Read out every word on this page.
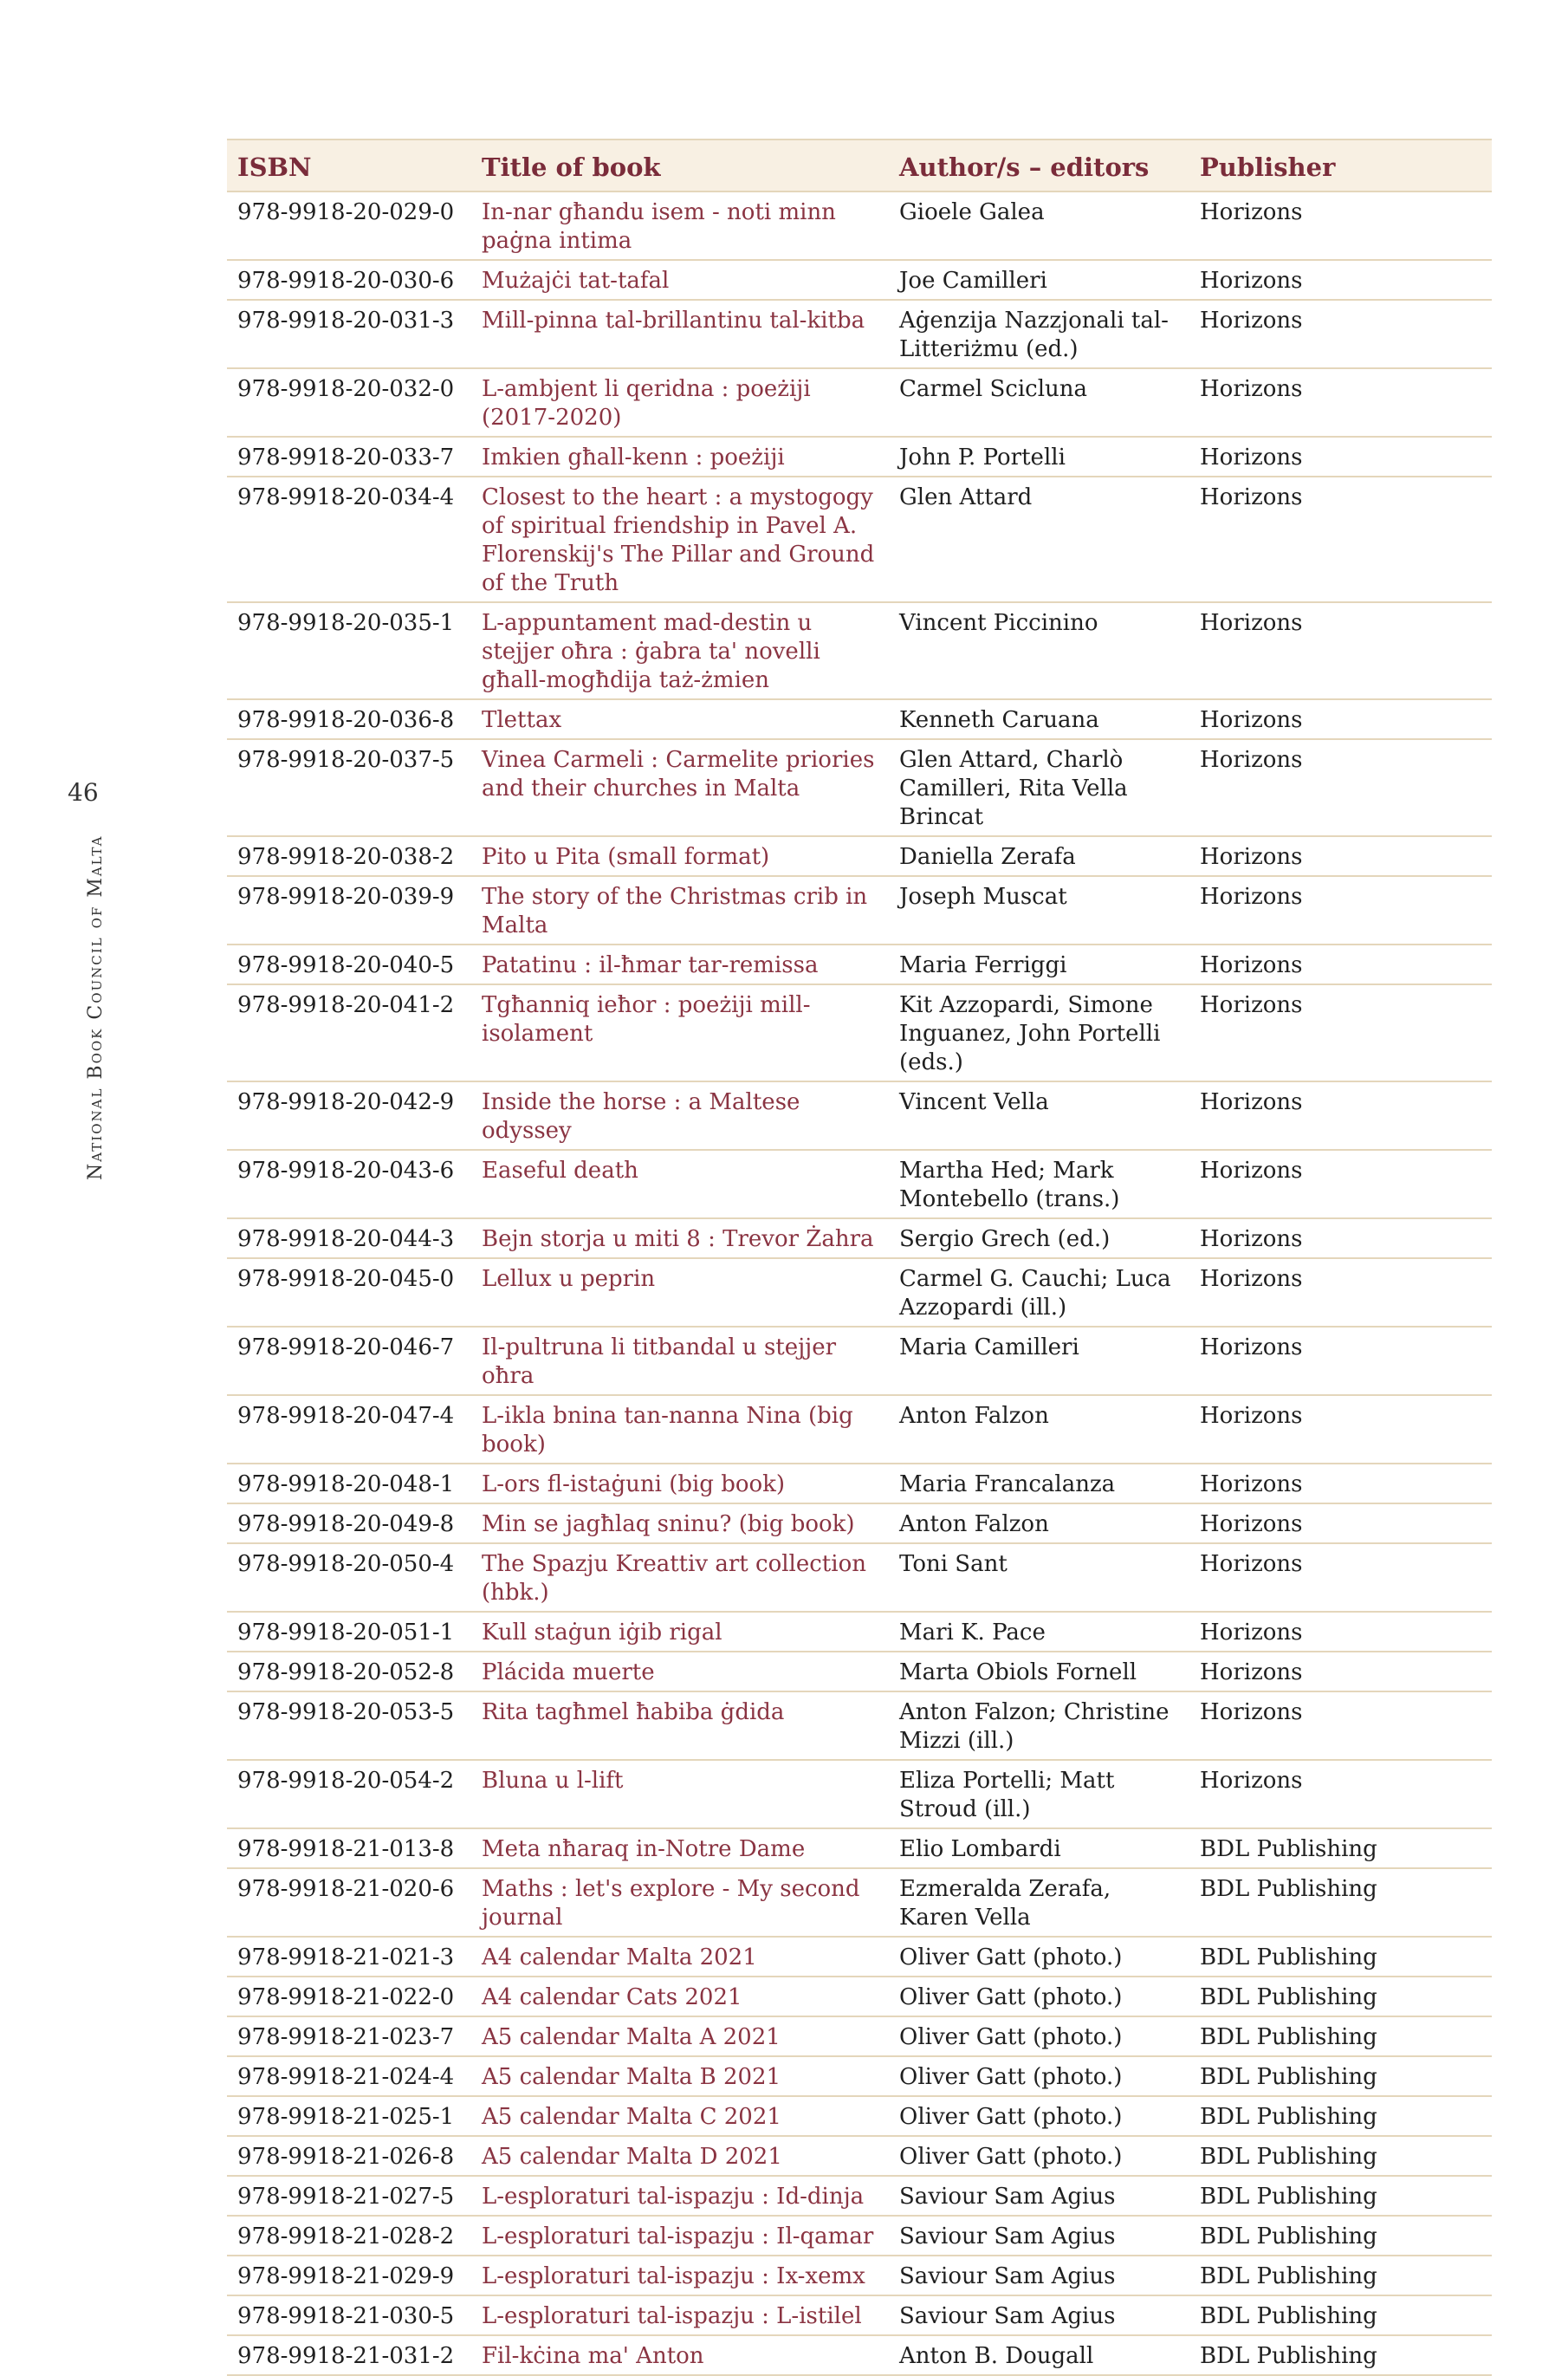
46
National Book Council of Malta
ISBN	Title of book	Author/s – editors	Publisher
978-9918-20-029-0	In-nar għandu isem - noti minn paġna intima	Gioele Galea	Horizons
978-9918-20-030-6	Mużajċi tat-tafal	Joe Camilleri	Horizons
978-9918-20-031-3	Mill-pinna tal-brillantinu tal-kitba	Aġenzija Nazzjonali tal-Litteriżmu (ed.)	Horizons
978-9918-20-032-0	L-ambjent li qeridna : poeżiji (2017-2020)	Carmel Scicluna	Horizons
978-9918-20-033-7	Imkien għall-kenn : poeżiji	John P. Portelli	Horizons
978-9918-20-034-4	Closest to the heart : a mystogogy of spiritual friendship in Pavel A. Florenskij's The Pillar and Ground of the Truth	Glen Attard	Horizons
978-9918-20-035-1	L-appuntament mad-destin u stejjer oħra : ġabra ta' novelli għall-mogħdija taż-żmien	Vincent Piccinino	Horizons
978-9918-20-036-8	Tlettax	Kenneth Caruana	Horizons
978-9918-20-037-5	Vinea Carmeli : Carmelite priories and their churches in Malta	Glen Attard, Charlò Camilleri, Rita Vella Brincat	Horizons
978-9918-20-038-2	Pito u Pita (small format)	Daniella Zerafa	Horizons
978-9918-20-039-9	The story of the Christmas crib in Malta	Joseph Muscat	Horizons
978-9918-20-040-5	Patatinu : il-ħmar tar-remissa	Maria Ferriggi	Horizons
978-9918-20-041-2	Tgħanniq ieħor : poeżiji mill-isolament	Kit Azzopardi, Simone Inguanez, John Portelli (eds.)	Horizons
978-9918-20-042-9	Inside the horse : a Maltese odyssey	Vincent Vella	Horizons
978-9918-20-043-6	Easeful death	Martha Hed; Mark Montebello (trans.)	Horizons
978-9918-20-044-3	Bejn storja u miti 8 : Trevor Żahra	Sergio Grech (ed.)	Horizons
978-9918-20-045-0	Lellux u peprin	Carmel G. Cauchi; Luca Azzopardi (ill.)	Horizons
978-9918-20-046-7	Il-pultruna li titbandal u stejjer oħra	Maria Camilleri	Horizons
978-9918-20-047-4	L-ikla bnina tan-nanna Nina (big book)	Anton Falzon	Horizons
978-9918-20-048-1	L-ors fl-istaġuni (big book)	Maria Francalanza	Horizons
978-9918-20-049-8	Min se jagħlaq sninu? (big book)	Anton Falzon	Horizons
978-9918-20-050-4	The Spazju Kreattiv art collection (hbk.)	Toni Sant	Horizons
978-9918-20-051-1	Kull staġun iġib rigal	Mari K. Pace	Horizons
978-9918-20-052-8	Plácida muerte	Marta Obiols Fornell	Horizons
978-9918-20-053-5	Rita tagħmel ħabiba ġdida	Anton Falzon; Christine Mizzi (ill.)	Horizons
978-9918-20-054-2	Bluna u l-lift	Eliza Portelli; Matt Stroud (ill.)	Horizons
978-9918-21-013-8	Meta nħaraq in-Notre Dame	Elio Lombardi	BDL Publishing
978-9918-21-020-6	Maths : let's explore - My second journal	Ezmeralda Zerafa, Karen Vella	BDL Publishing
978-9918-21-021-3	A4 calendar Malta 2021	Oliver Gatt (photo.)	BDL Publishing
978-9918-21-022-0	A4 calendar Cats 2021	Oliver Gatt (photo.)	BDL Publishing
978-9918-21-023-7	A5 calendar Malta A 2021	Oliver Gatt (photo.)	BDL Publishing
978-9918-21-024-4	A5 calendar Malta B 2021	Oliver Gatt (photo.)	BDL Publishing
978-9918-21-025-1	A5 calendar Malta C 2021	Oliver Gatt (photo.)	BDL Publishing
978-9918-21-026-8	A5 calendar Malta D 2021	Oliver Gatt (photo.)	BDL Publishing
978-9918-21-027-5	L-esploraturi tal-ispazju : Id-dinja	Saviour Sam Agius	BDL Publishing
978-9918-21-028-2	L-esploraturi tal-ispazju : Il-qamar	Saviour Sam Agius	BDL Publishing
978-9918-21-029-9	L-esploraturi tal-ispazju : Ix-xemx	Saviour Sam Agius	BDL Publishing
978-9918-21-030-5	L-esploraturi tal-ispazju : L-istilel	Saviour Sam Agius	BDL Publishing
978-9918-21-031-2	Fil-kċina ma' Anton	Anton B. Dougall	BDL Publishing
